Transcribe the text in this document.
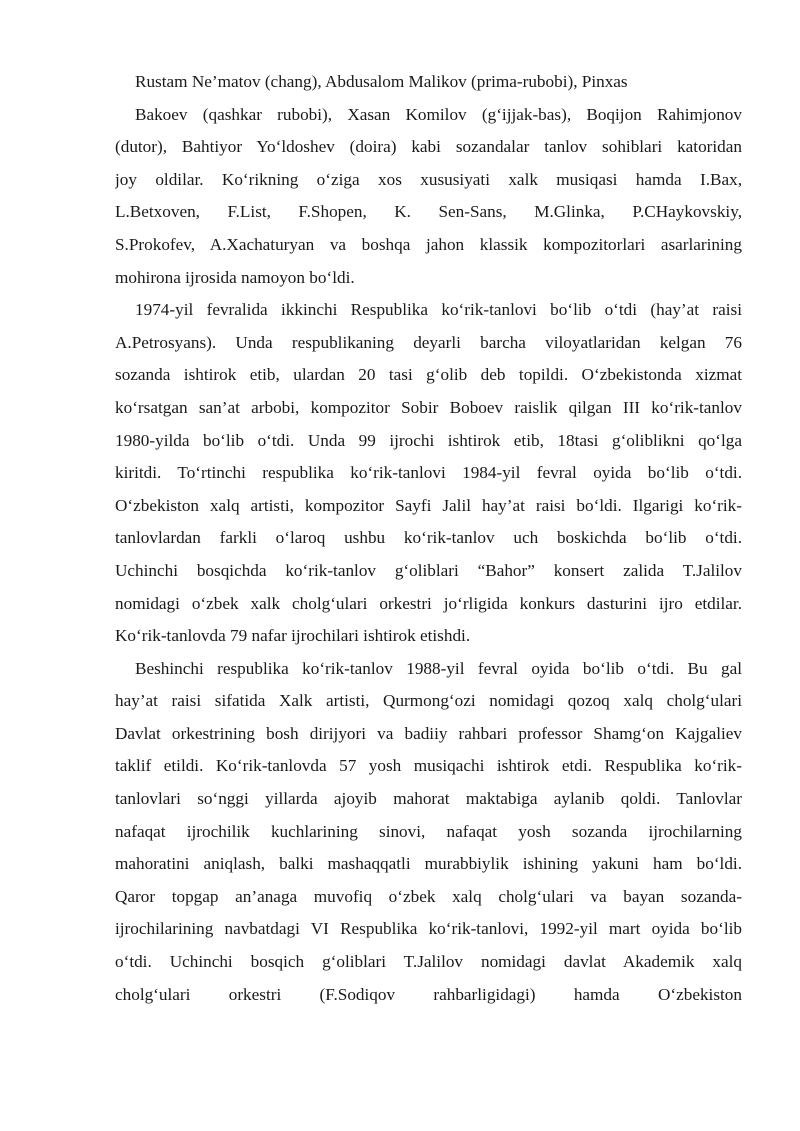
Rustam Ne’matov (chang), Abdusalom Malikov (prima-rubobi), Pinxas
Bakoev (qashkar rubobi), Xasan Komilov (g‘ijjak-bas), Boqijon Rahimjonov
(dutor), Bahtiyor Yo‘ldoshev (doira) kabi sozandalar tanlov sohiblari katoridan
joy oldilar. Ko‘rikning o‘ziga xos xususiyati xalk musiqasi hamda I.Bax,
L.Betxoven, F.List, F.Shopen, K. Sen-Sans, M.Glinka, P.CHaykovskiy,
S.Prokofev, A.Xachaturyan va boshqa jahon klassik kompozitorlari asarlarining
mohirona ijrosida namoyon bo‘ldi.
1974-yil fevralida ikkinchi Respublika ko‘rik-tanlovi bo‘lib o‘tdi (hay’at raisi
A.Petrosyans). Unda respublikaning deyarli barcha viloyatlaridan kelgan 76
sozanda ishtirok etib, ulardan 20 tasi g‘olib deb topildi. O‘zbekistonda xizmat
ko‘rsatgan san’at arbobi, kompozitor Sobir Boboev raislik qilgan III ko‘rik-tanlov
1980-yilda bo‘lib o‘tdi. Unda 99 ijrochi ishtirok etib, 18tasi g‘oliblikni qo‘lga
kiritdi. To‘rtinchi respublika ko‘rik-tanlovi 1984-yil fevral oyida bo‘lib o‘tdi.
O‘zbekiston xalq artisti, kompozitor Sayfi Jalil hay’at raisi bo‘ldi. Ilgarigi ko‘rik-
tanlovlardan farkli o‘laroq ushbu ko‘rik-tanlov uch boskichda bo‘lib o‘tdi.
Uchinchi bosqichda ko‘rik-tanlov g‘oliblari “Bahor” konsert zalida T.Jalilov
nomidagi o‘zbek xalk cholg‘ulari orkestri jo‘rligida konkurs dasturini ijro etdilar.
Ko‘rik-tanlovda 79 nafar ijrochilari ishtirok etishdi.
Beshinchi respublika ko‘rik-tanlov 1988-yil fevral oyida bo‘lib o‘tdi. Bu gal
hay’at raisi sifatida Xalk artisti, Qurmong‘ozi nomidagi qozoq xalq cholg‘ulari
Davlat orkestrining bosh dirijyori va badiiy rahbari professor Shamg‘on Kajgaliev
taklif etildi. Ko‘rik-tanlovda 57 yosh musiqachi ishtirok etdi. Respublika ko‘rik-
tanlovlari so‘nggi yillarda ajoyib mahorat maktabiga aylanib qoldi. Tanlovlar
nafaqat ijrochilik kuchlarining sinovi, nafaqat yosh sozanda ijrochilarning
mahoratini aniqlash, balki mashaqqatli murabbiylik ishining yakuni ham bo‘ldi.
Qaror topgap an’anaga muvofiq o‘zbek xalq cholg‘ulari va bayan sozanda-
ijrochilarining navbatdagi VI Respublika ko‘rik-tanlovi, 1992-yil mart oyida bo‘lib
o‘tdi. Uchinchi bosqich g‘oliblari T.Jalilov nomidagi davlat Akademik xalq
cholg‘ulari orkestri (F.Sodiqov rahbarligidagi) hamda O‘zbekiston
